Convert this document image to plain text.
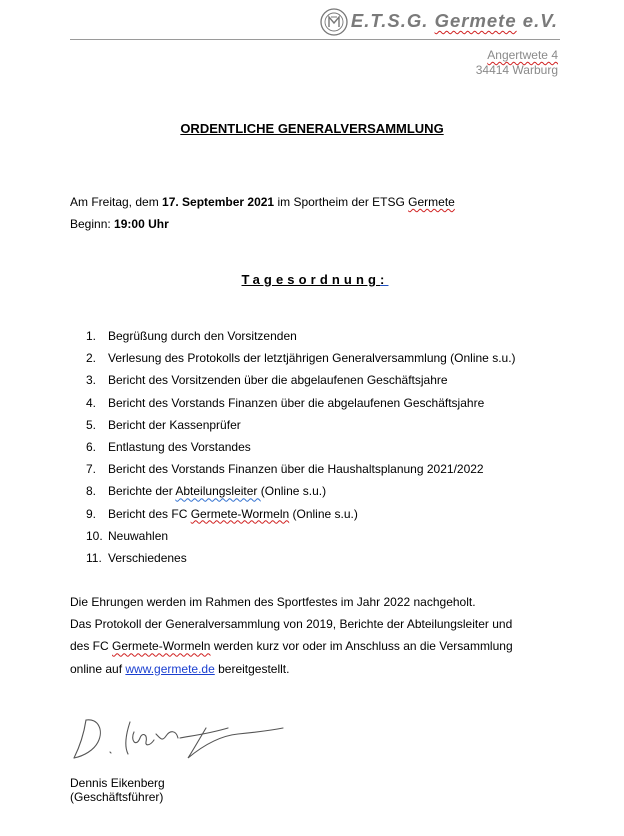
E.T.S.G. Germete e.V.
Angertwete 4
34414 Warburg
ORDENTLICHE GENERALVERSAMMLUNG
Am Freitag, dem 17. September 2021 im Sportheim der ETSG Germete
Beginn: 19:00 Uhr
Tagesordnung:
1. Begrüßung durch den Vorsitzenden
2. Verlesung des Protokolls der letztjährigen Generalversammlung (Online s.u.)
3. Bericht des Vorsitzenden über die abgelaufenen Geschäftsjahre
4. Bericht des Vorstands Finanzen über die abgelaufenen Geschäftsjahre
5. Bericht der Kassenprüfer
6. Entlastung des Vorstandes
7. Bericht des Vorstands Finanzen über die Haushaltsplanung 2021/2022
8. Berichte der Abteilungsleiter (Online s.u.)
9. Bericht des FC Germete-Wormeln (Online s.u.)
10. Neuwahlen
11. Verschiedenes
Die Ehrungen werden im Rahmen des Sportfestes im Jahr 2022 nachgeholt.
Das Protokoll der Generalversammlung von 2019, Berichte der Abteilungsleiter und
des FC Germete-Wormeln werden kurz vor oder im Anschluss an die Versammlung
online auf www.germete.de bereitgestellt.
Dennis Eikenberg
(Geschäftsführer)
